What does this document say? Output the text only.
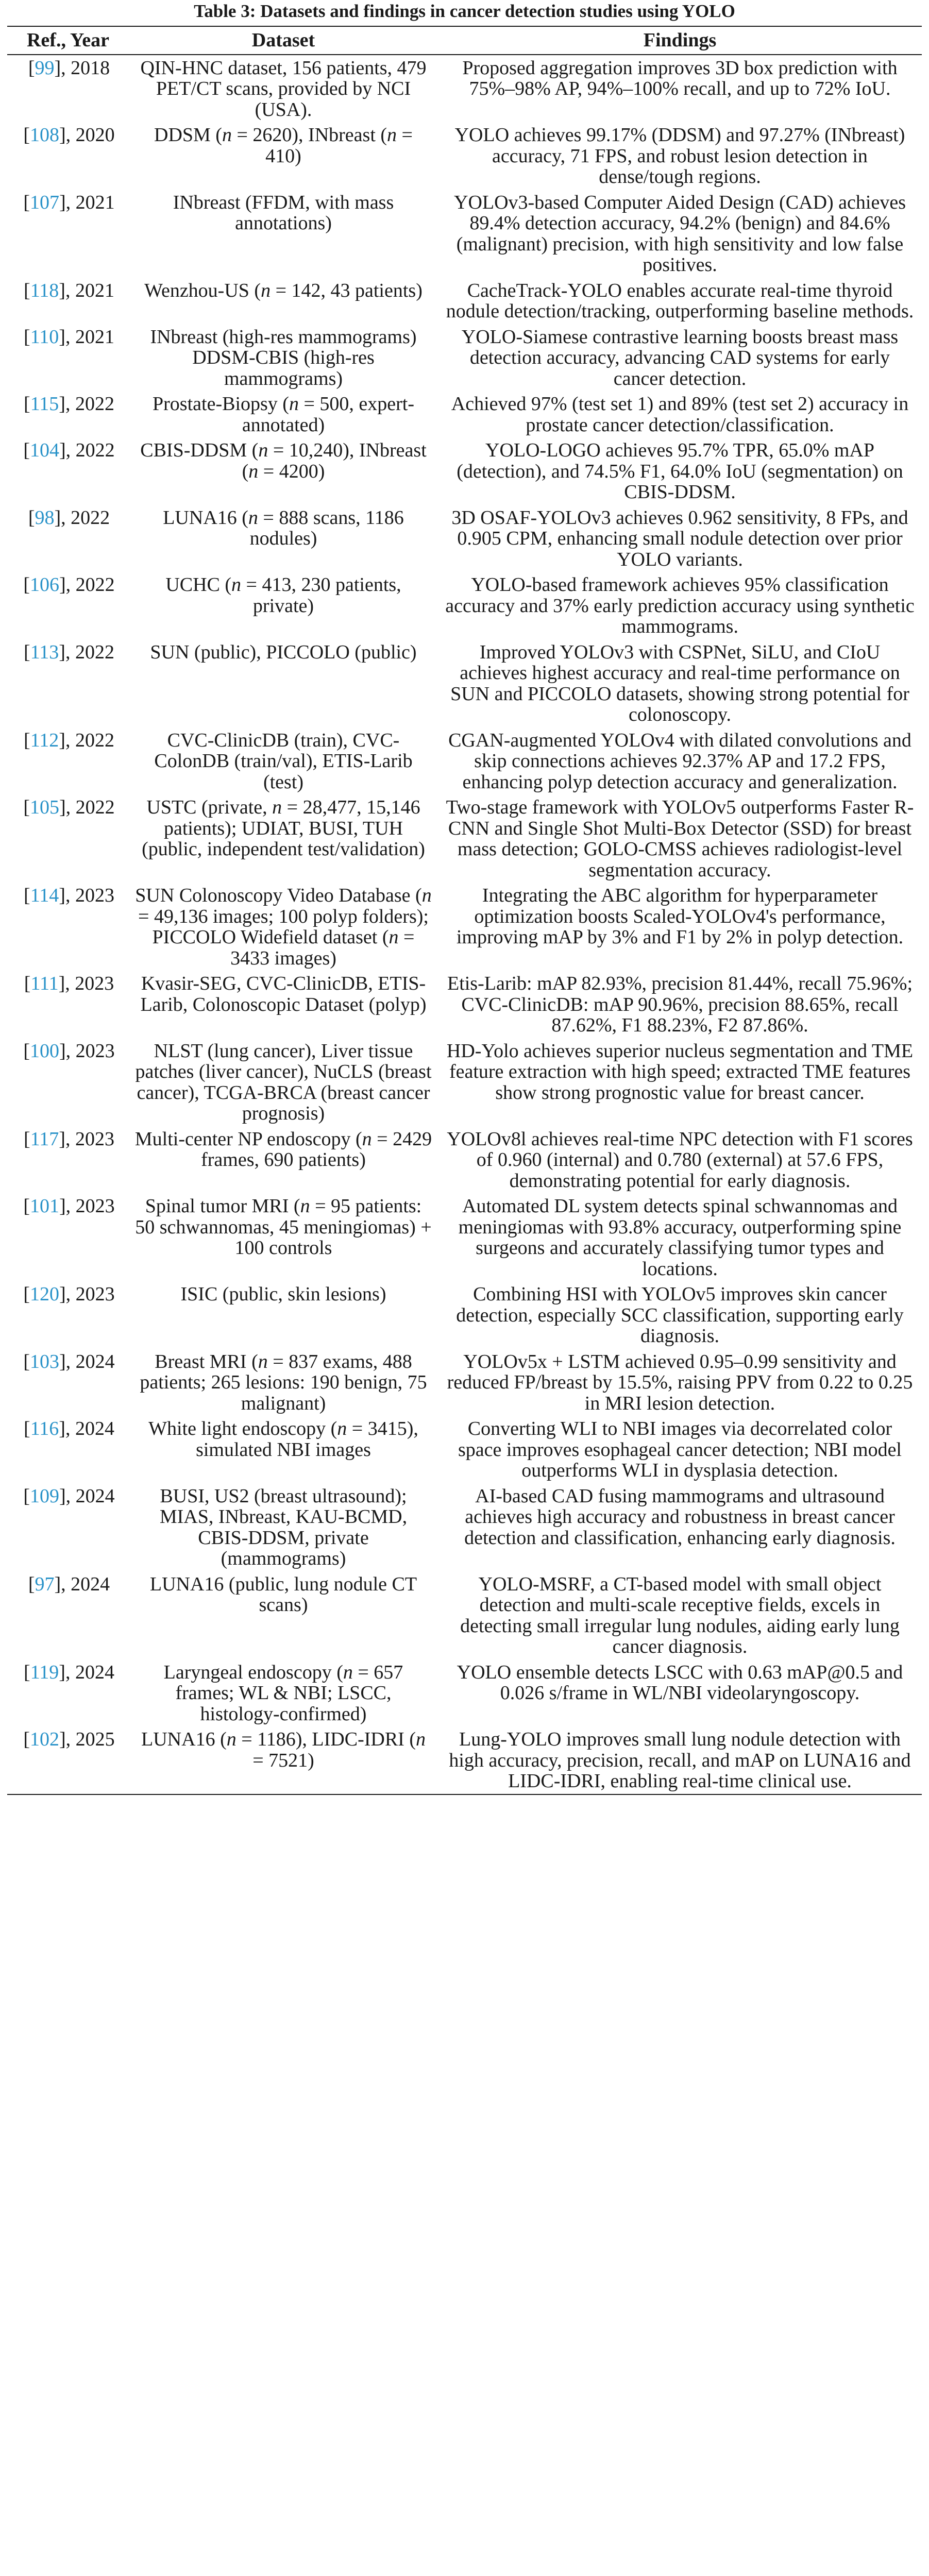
Table 3: Datasets and findings in cancer detection studies using YOLO
Ref., Year	Dataset	Findings
[99], 2018	QIN-HNC dataset, 156 patients, 479 PET/CT scans, provided by NCI (USA).	Proposed aggregation improves 3D box prediction with 75%–98% AP, 94%–100% recall, and up to 72% IoU.
[108], 2020	DDSM (n = 2620), INbreast (n = 410)	YOLO achieves 99.17% (DDSM) and 97.27% (INbreast) accuracy, 71 FPS, and robust lesion detection in dense/tough regions.
[107], 2021	INbreast (FFDM, with mass annotations)	YOLOv3-based Computer Aided Design (CAD) achieves 89.4% detection accuracy, 94.2% (benign) and 84.6% (malignant) precision, with high sensitivity and low false positives.
[118], 2021	Wenzhou-US (n = 142, 43 patients)	CacheTrack-YOLO enables accurate real-time thyroid nodule detection/tracking, outperforming baseline methods.
[110], 2021	INbreast (high-res mammograms) DDSM-CBIS (high-res mammograms)	YOLO-Siamese contrastive learning boosts breast mass detection accuracy, advancing CAD systems for early cancer detection.
[115], 2022	Prostate-Biopsy (n = 500, expert-annotated)	Achieved 97% (test set 1) and 89% (test set 2) accuracy in prostate cancer detection/classification.
[104], 2022	CBIS-DDSM (n = 10,240), INbreast (n = 4200)	YOLO-LOGO achieves 95.7% TPR, 65.0% mAP (detection), and 74.5% F1, 64.0% IoU (segmentation) on CBIS-DDSM.
[98], 2022	LUNA16 (n = 888 scans, 1186 nodules)	3D OSAF-YOLOv3 achieves 0.962 sensitivity, 8 FPs, and 0.905 CPM, enhancing small nodule detection over prior YOLO variants.
[106], 2022	UCHC (n = 413, 230 patients, private)	YOLO-based framework achieves 95% classification accuracy and 37% early prediction accuracy using synthetic mammograms.
[113], 2022	SUN (public), PICCOLO (public)	Improved YOLOv3 with CSPNet, SiLU, and CIoU achieves highest accuracy and real-time performance on SUN and PICCOLO datasets, showing strong potential for colonoscopy.
[112], 2022	CVC-ClinicDB (train), CVC-ColonDB (train/val), ETIS-Larib (test)	CGAN-augmented YOLOv4 with dilated convolutions and skip connections achieves 92.37% AP and 17.2 FPS, enhancing polyp detection accuracy and generalization.
[105], 2022	USTC (private, n = 28,477, 15,146 patients); UDIAT, BUSI, TUH (public, independent test/validation)	Two-stage framework with YOLOv5 outperforms Faster R-CNN and Single Shot Multi-Box Detector (SSD) for breast mass detection; GOLO-CMSS achieves radiologist-level segmentation accuracy.
[114], 2023	SUN Colonoscopy Video Database (n = 49,136 images; 100 polyp folders); PICCOLO Widefield dataset (n = 3433 images)	Integrating the ABC algorithm for hyperparameter optimization boosts Scaled-YOLOv4's performance, improving mAP by 3% and F1 by 2% in polyp detection.
[111], 2023	Kvasir-SEG, CVC-ClinicDB, ETIS-Larib, Colonoscopic Dataset (polyp)	Etis-Larib: mAP 82.93%, precision 81.44%, recall 75.96%; CVC-ClinicDB: mAP 90.96%, precision 88.65%, recall 87.62%, F1 88.23%, F2 87.86%.
[100], 2023	NLST (lung cancer), Liver tissue patches (liver cancer), NuCLS (breast cancer), TCGA-BRCA (breast cancer prognosis)	HD-Yolo achieves superior nucleus segmentation and TME feature extraction with high speed; extracted TME features show strong prognostic value for breast cancer.
[117], 2023	Multi-center NP endoscopy (n = 2429 frames, 690 patients)	YOLOv8l achieves real-time NPC detection with F1 scores of 0.960 (internal) and 0.780 (external) at 57.6 FPS, demonstrating potential for early diagnosis.
[101], 2023	Spinal tumor MRI (n = 95 patients: 50 schwannomas, 45 meningiomas) + 100 controls	Automated DL system detects spinal schwannomas and meningiomas with 93.8% accuracy, outperforming spine surgeons and accurately classifying tumor types and locations.
[120], 2023	ISIC (public, skin lesions)	Combining HSI with YOLOv5 improves skin cancer detection, especially SCC classification, supporting early diagnosis.
[103], 2024	Breast MRI (n = 837 exams, 488 patients; 265 lesions: 190 benign, 75 malignant)	YOLOv5x + LSTM achieved 0.95–0.99 sensitivity and reduced FP/breast by 15.5%, raising PPV from 0.22 to 0.25 in MRI lesion detection.
[116], 2024	White light endoscopy (n = 3415), simulated NBI images	Converting WLI to NBI images via decorrelated color space improves esophageal cancer detection; NBI model outperforms WLI in dysplasia detection.
[109], 2024	BUSI, US2 (breast ultrasound); MIAS, INbreast, KAU-BCMD, CBIS-DDSM, private (mammograms)	AI-based CAD fusing mammograms and ultrasound achieves high accuracy and robustness in breast cancer detection and classification, enhancing early diagnosis.
[97], 2024	LUNA16 (public, lung nodule CT scans)	YOLO-MSRF, a CT-based model with small object detection and multi-scale receptive fields, excels in detecting small irregular lung nodules, aiding early lung cancer diagnosis.
[119], 2024	Laryngeal endoscopy (n = 657 frames; WL & NBI; LSCC, histology-confirmed)	YOLO ensemble detects LSCC with 0.63 mAP@0.5 and 0.026 s/frame in WL/NBI videolaryngoscopy.
[102], 2025	LUNA16 (n = 1186), LIDC-IDRI (n = 7521)	Lung-YOLO improves small lung nodule detection with high accuracy, precision, recall, and mAP on LUNA16 and LIDC-IDRI, enabling real-time clinical use.
